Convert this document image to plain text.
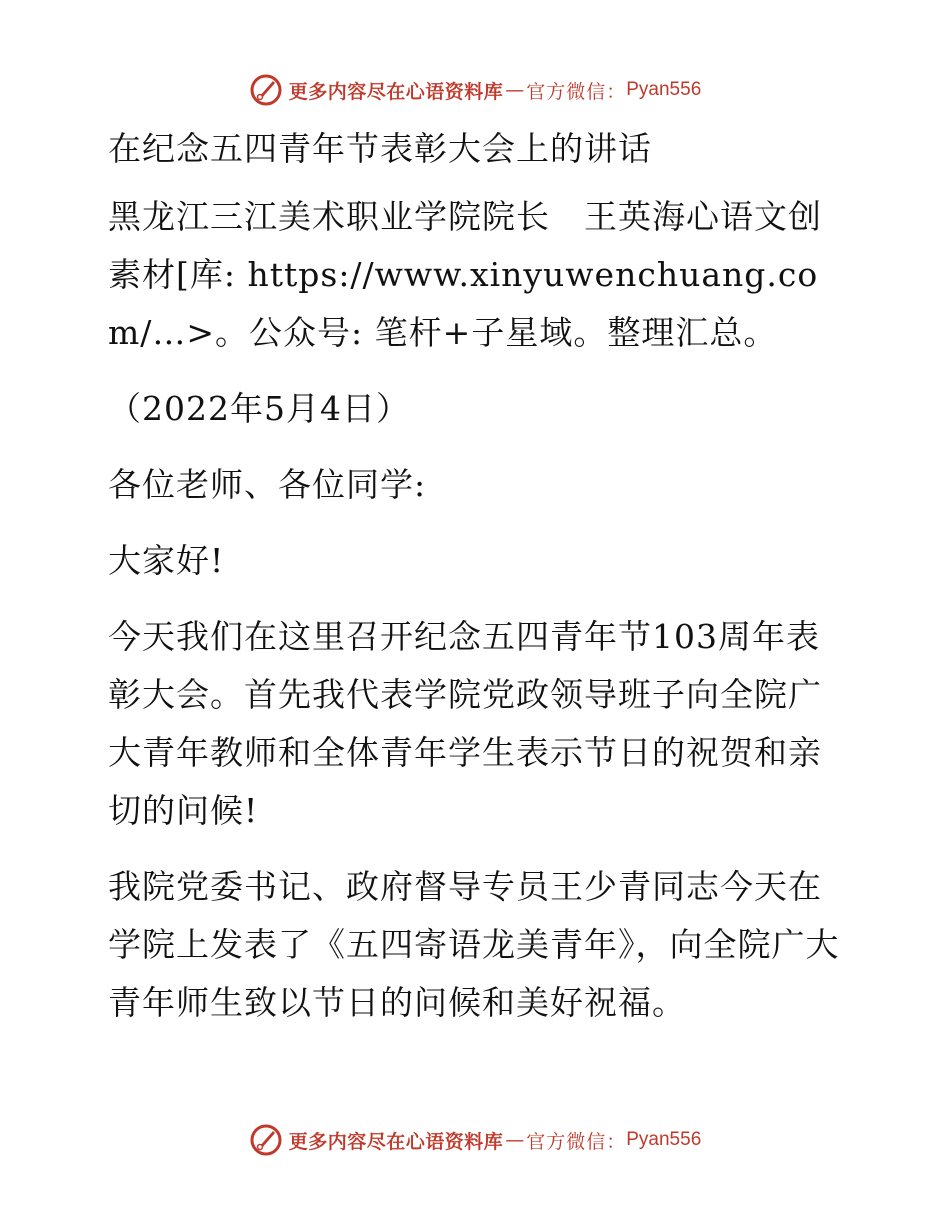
更多内容尽在心语资料库 — 官方微信： Pyan556

在纪念五四青年节表彰大会上的讲话

黑龙江三江美术职业学院院长　王英海心语文创素材[库: https://www.xinyuwenchuang.com/…>。公众号: 笔杆+子星域。整理汇总。

（2022年5月4日）

各位老师、各位同学:

大家好!

今天我们在这里召开纪念五四青年节103周年表彰大会。首先我代表学院党政领导班子向全院广大青年教师和全体青年学生表示节日的祝贺和亲切的问候!

我院党委书记、政府督导专员王少青同志今天在学院上发表了《五四寄语龙美青年》，向全院广大青年师生致以节日的问候和美好祝福。

更多内容尽在心语资料库 — 官方微信： Pyan556
